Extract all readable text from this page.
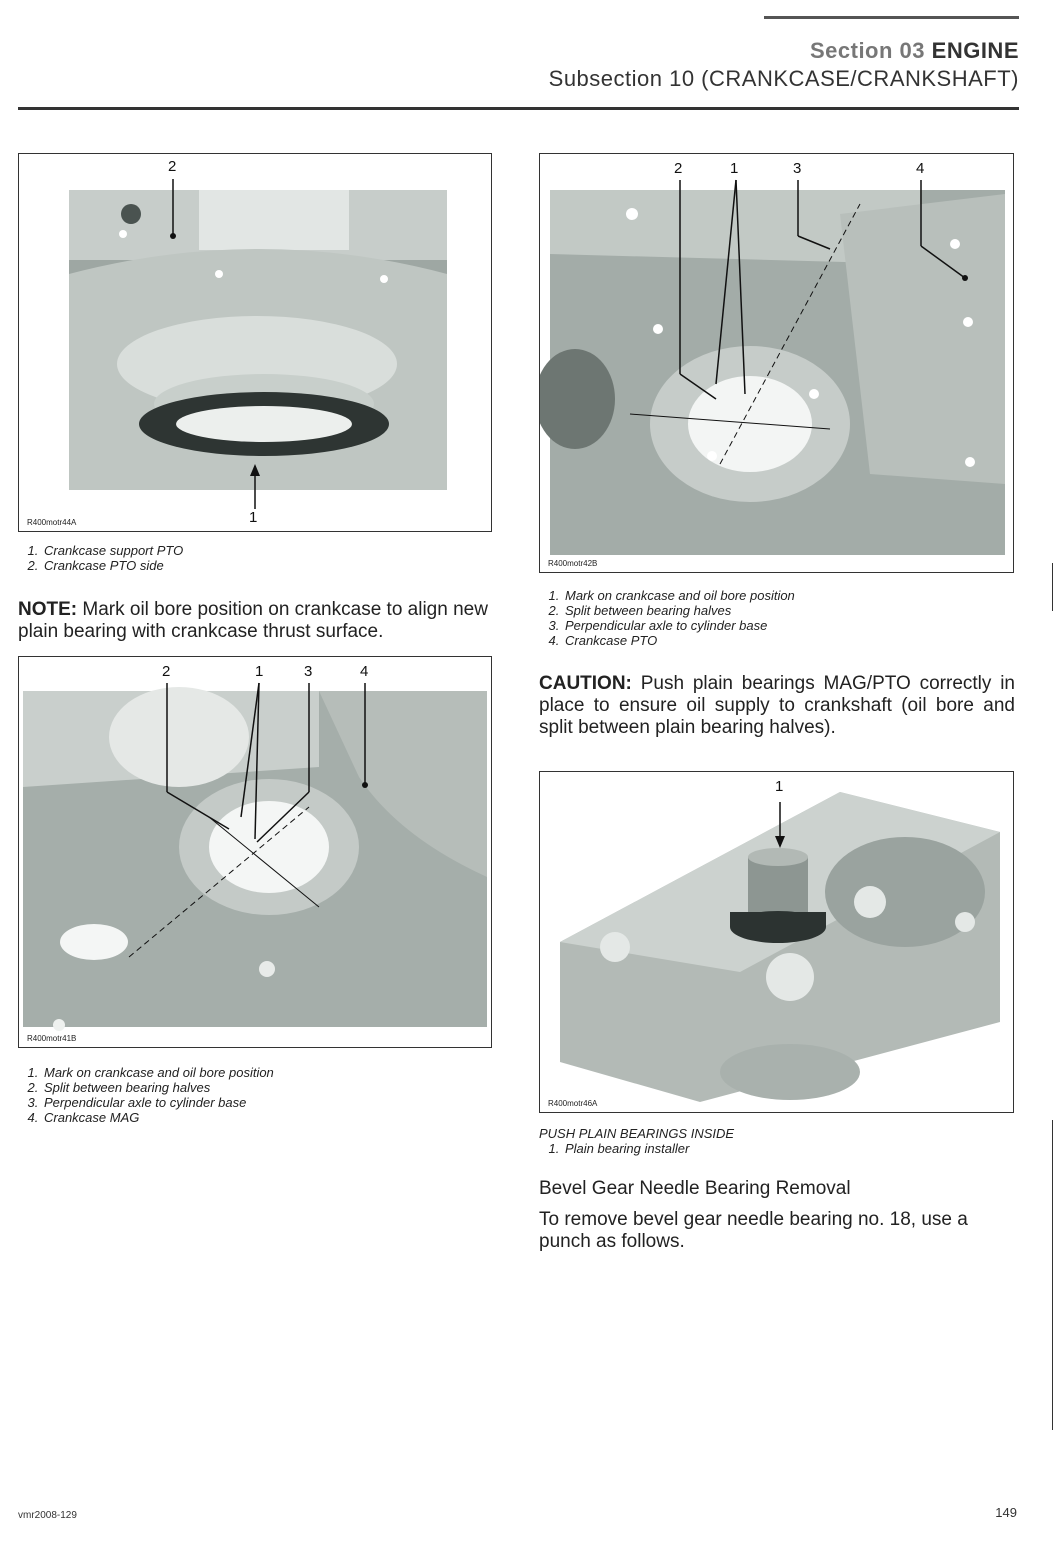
Section 03 ENGINE
Subsection 10 (CRANKCASE/CRANKSHAFT)
2
1
R400motr44A
1. Crankcase support PTO
2. Crankcase PTO side
NOTE: Mark oil bore position on crankcase to align new plain bearing with crankcase thrust surface.
2	1	3	4
R400motr41B
1. Mark on crankcase and oil bore position
2. Split between bearing halves
3. Perpendicular axle to cylinder base
4. Crankcase MAG
2	1	3	4
R400motr42B
1. Mark on crankcase and oil bore position
2. Split between bearing halves
3. Perpendicular axle to cylinder base
4. Crankcase PTO
CAUTION: Push plain bearings MAG/PTO correctly in place to ensure oil supply to crankshaft (oil bore and split between plain bearing halves).
1
R400motr46A
PUSH PLAIN BEARINGS INSIDE
1. Plain bearing installer
Bevel Gear Needle Bearing Removal
To remove bevel gear needle bearing no. 18, use a punch as follows.
vmr2008-129	149
